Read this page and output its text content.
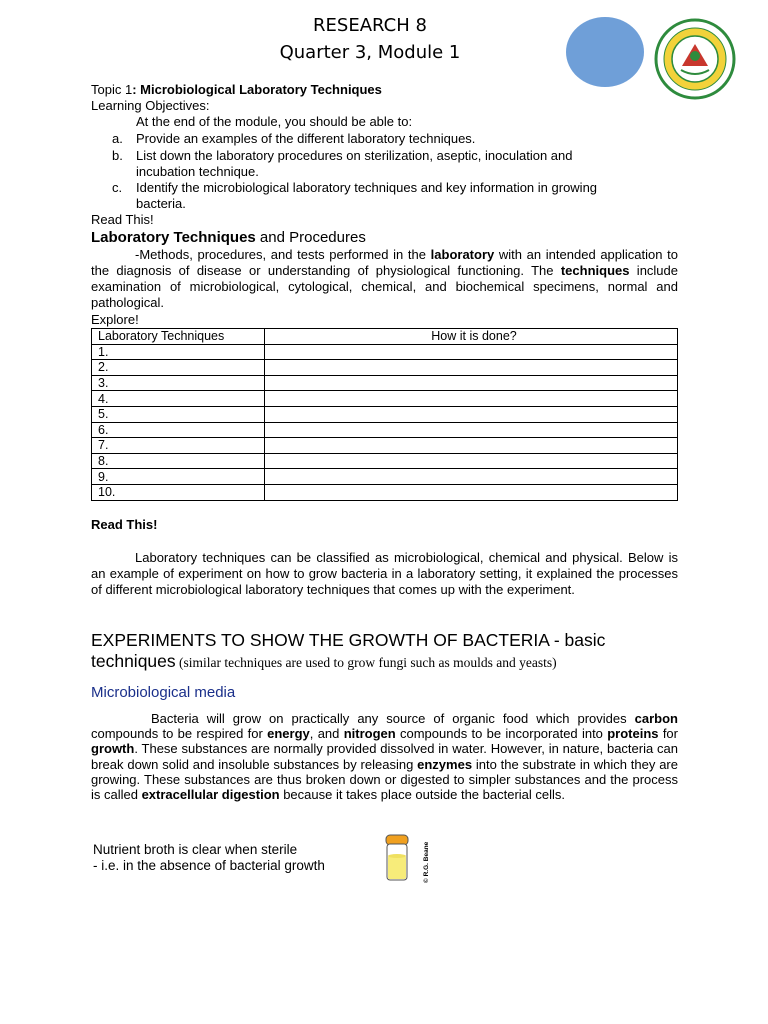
RESEARCH 8
Quarter 3, Module 1
Topic 1: Microbiological Laboratory Techniques
Learning Objectives:
At the end of the module, you should be able to:
a. Provide an examples of the different laboratory techniques.
b. List down the laboratory procedures on sterilization, aseptic, inoculation and
incubation technique.
c. Identify the microbiological laboratory techniques and key information in growing
bacteria.
Read This!
Laboratory Techniques and Procedures
-Methods, procedures, and tests performed in the laboratory with an intended application to the diagnosis of disease or understanding of physiological functioning. The techniques include examination of microbiological, cytological, chemical, and biochemical specimens, normal and pathological.
Explore!
Laboratory Techniques	How it is done?
1.	
2.	
3.	
4.	
5.	
6.	
7.	
8.	
9.	
10.	
Read This!
Laboratory techniques can be classified as microbiological, chemical and physical. Below is an example of experiment on how to grow bacteria in a laboratory setting, it explained the processes of different microbiological laboratory techniques that comes up with the experiment.
EXPERIMENTS TO SHOW THE GROWTH OF BACTERIA - basic techniques (similar techniques are used to grow fungi such as moulds and yeasts)
Microbiological media
Bacteria will grow on practically any source of organic food which provides carbon compounds to be respired for energy, and nitrogen compounds to be incorporated into proteins for growth. These substances are normally provided dissolved in water. However, in nature, bacteria can break down solid and insoluble substances by releasing enzymes into the substrate in which they are growing. These substances are thus broken down or digested to simpler substances and the process is called extracellular digestion because it takes place outside the bacterial cells.
Nutrient broth is clear when sterile
- i.e. in the absence of bacterial growth	© R.G. Beane
